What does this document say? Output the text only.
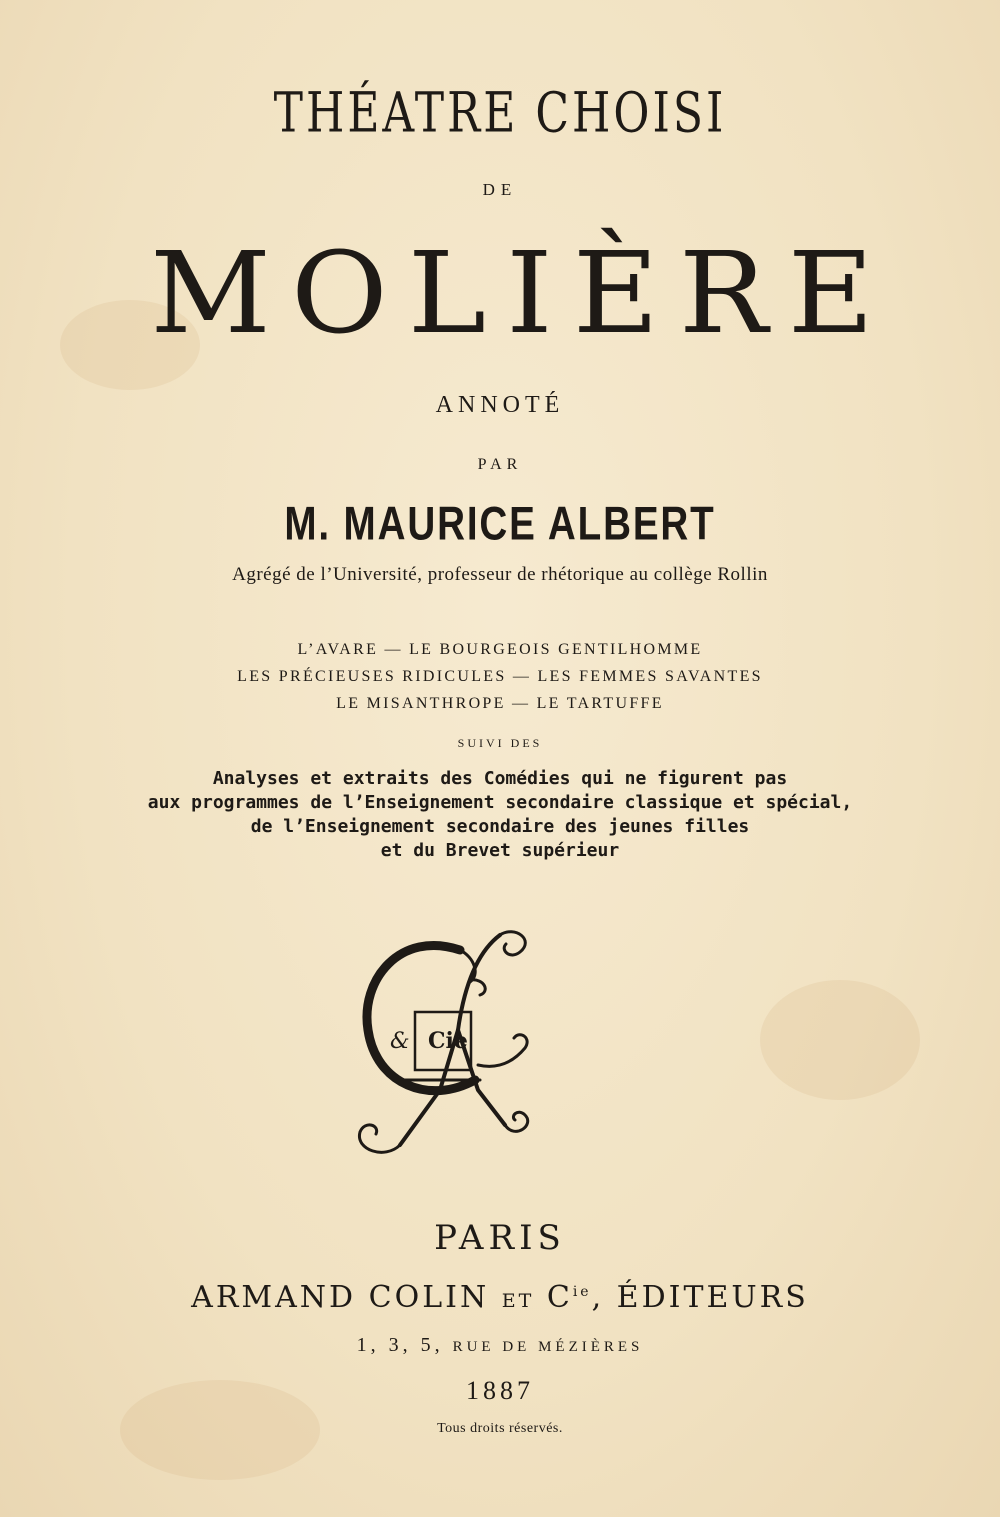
THÉATRE CHOISI
DE
MOLIÈRE
ANNOTÉ
PAR
M. MAURICE ALBERT
Agrégé de l’Université, professeur de rhétorique au collège Rollin
L’AVARE — LE BOURGEOIS GENTILHOMME
LES PRÉCIEUSES RIDICULES — LES FEMMES SAVANTES
LE MISANTHROPE — LE TARTUFFE
SUIVI DES
Analyses et extraits des Comédies qui ne figurent pas
aux programmes de l’Enseignement secondaire classique et spécial,
de l’Enseignement secondaire des jeunes filles
et du Brevet supérieur
& Cie
PARIS
ARMAND COLIN ET $C^{ie}$, ÉDITEURS
1, 3, 5, RUE DE MÉZIÈRES
1887
Tous droits réservés.
